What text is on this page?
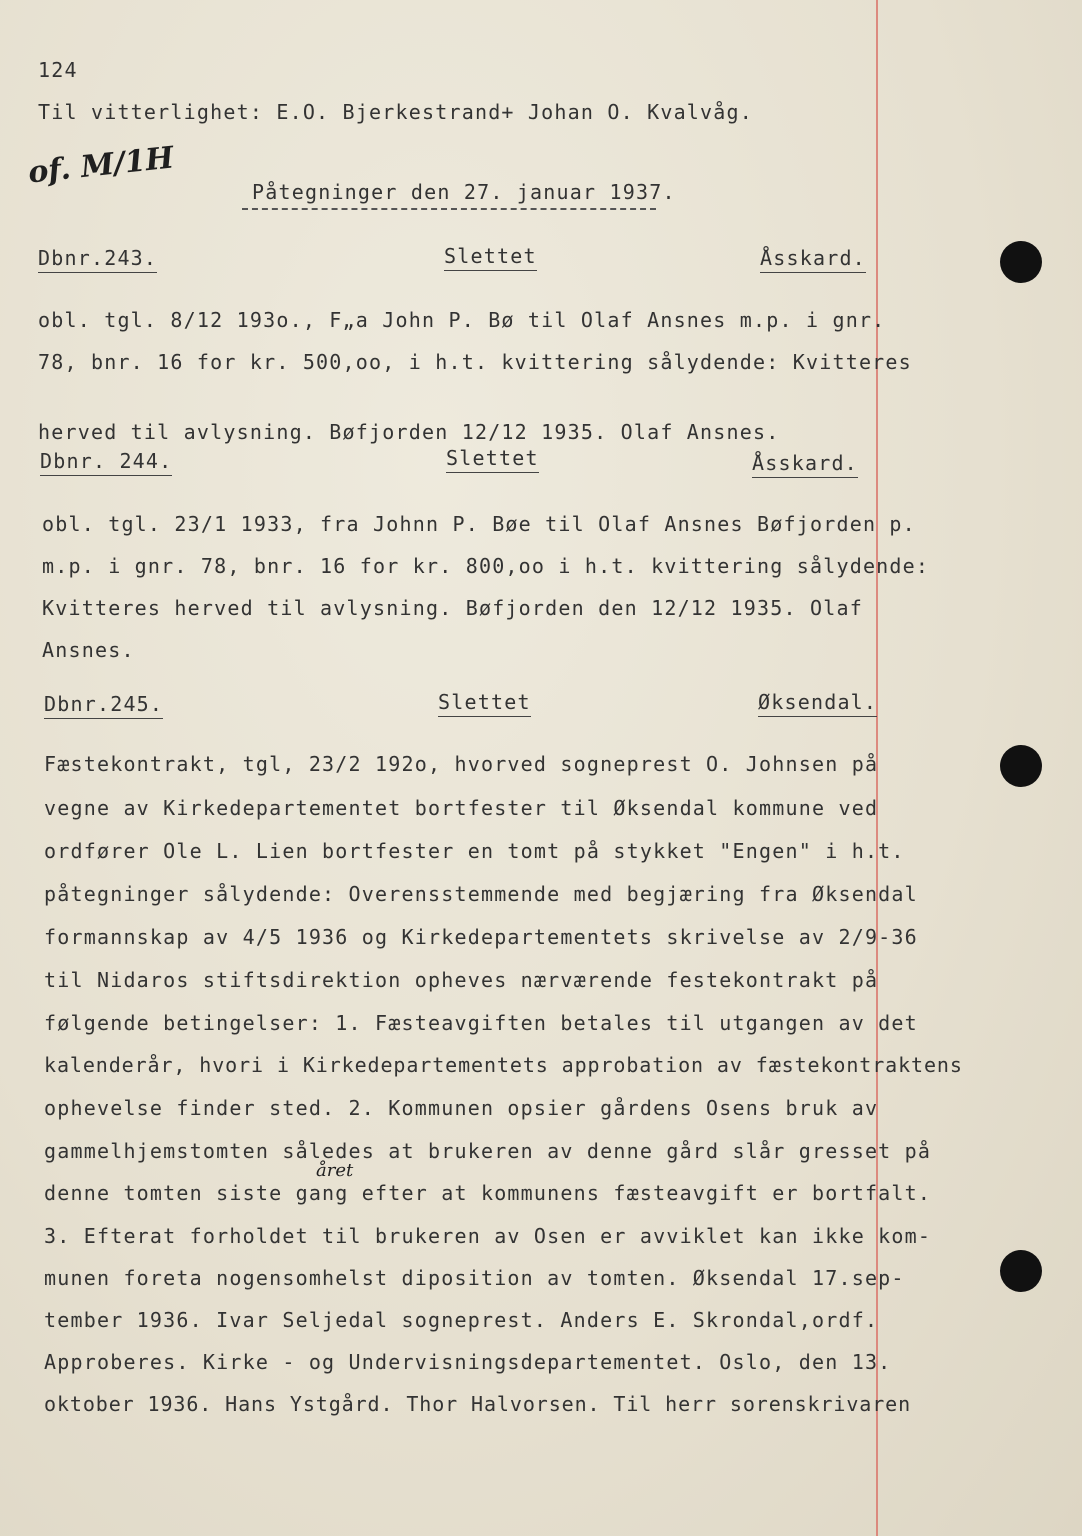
124
Til vitterlighet: E.O. Bjerkestrand+ Johan O. Kvalvåg.
of. M/1H
Påtegninger den 27. januar 1937.
Dbnr.243.	Slettet	Åsskard.
obl. tgl. 8/12 193o., F„a John P. Bø til Olaf Ansnes m.p. i gnr.
78, bnr. 16 for kr. 500,oo, i h.t. kvittering sålydende: Kvitteres
herved til avlysning. Bøfjorden 12/12 1935. Olaf Ansnes.
Dbnr. 244.	Slettet	Åsskard.
obl. tgl. 23/1 1933, fra Johnn P. Bøe til Olaf Ansnes Bøfjorden p.
m.p. i gnr. 78, bnr. 16 for kr. 800,oo i h.t. kvittering sålydende:
Kvitteres herved til avlysning. Bøfjorden den 12/12 1935. Olaf
Ansnes.
Dbnr.245.	Slettet	Øksendal.
Fæstekontrakt, tgl, 23/2 192o, hvorved sogneprest O. Johnsen på
vegne av Kirkedepartementet bortfester til Øksendal kommune ved
ordfører Ole L. Lien bortfester en tomt på stykket "Engen" i h.t.
påtegninger sålydende: Overensstemmende med begjæring fra Øksendal
formannskap av 4/5 1936 og Kirkedepartementets skrivelse av 2/9-36
til Nidaros stiftsdirektion opheves nærværende festekontrakt på
følgende betingelser: 1. Fæsteavgiften betales til utgangen av det
kalenderår, hvori i Kirkedepartementets approbation av fæstekontraktens
ophevelse finder sted. 2. Kommunen opsier gårdens Osens bruk av
gammelhjemstomten således at brukeren av denne gård slår gresset på
året
denne tomten siste gang efter at kommunens fæsteavgift er bortfalt.
3. Efterat forholdet til brukeren av Osen er avviklet kan ikke kom-
munen foreta nogensomhelst diposition av tomten. Øksendal 17.sep-
tember 1936. Ivar Seljedal sogneprest. Anders E. Skrondal,ordf.
Approberes. Kirke - og Undervisningsdepartementet. Oslo, den 13.
oktober 1936. Hans Ystgård. Thor Halvorsen. Til herr sorenskrivaren
